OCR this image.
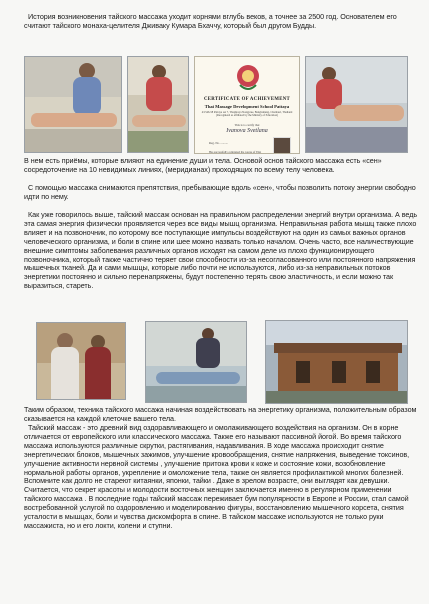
История возникновения тайского массажа уходит корнями вглубь веков, а точнее за 2500 год. Основателем его считают тайского монаха-целителя Дживаку Кумара Бхаччу, который был другом Будды.

CERTIFICATE OF ACHIEVEMENT
Thai Massage Development School Pattaya
4/1546-58 Pattaya soi 7, Thaphraya Nongprue, Banglamung, Chonburi, Thailand (Recognized as affiliated by the Ministry of Education)
This is to certify that
Ivanova Svetlana
Reg. No. ..........
Has successfully completed the course of Thai

В нем есть приёмы, которые влияют на единение души и тела. Основой основ тайского массажа есть «сен» сосредоточение на 10 невидимых линиях, (меридианах) проходящих по всему телу человека.

С помощью массажа снимаются препятствия, пребывающие вдоль «сен», чтобы позволить потоку энергии свободно идти по нему.

Как уже говорилось выше, тайский массаж основан на правильном распределении энергий внутри организма. А ведь эта самая энергия физически проявляется через все виды мышц организма. Неправильная работа мышц также плохо влияет и на позвоночник, по которому все поступающие импульсы воздействуют на один из самых важных органов человеческого организма, и боли в спине или шее можно назвать только началом. Очень часто, все наличествующие внешние симптомы заболевания различных органов исходят на самом деле из плохо функционирующего позвоночника, который также частично теряет свои способности из-за несогласованного или постоянного напряжения мышечных тканей. Да и сами мышцы, которые либо почти не используются, либо из-за неправильных потоков энергетики постоянно и сильно перенапряжены, будут постепенно терять свою эластичность, и если можно так выразиться, стареть.

Таким образом, техника тайского массажа начиная воздействовать на энергетику организма, положительным образом сказывается на каждой клеточке вашего тела.

Тайский массаж - это древний вид оздоравливающего и омолаживающего воздействия на организм. Он в корне отличается от европейского или классического массажа. Также его называют пассивной йогой. Во время тайского массажа используются различные скрутки, растягивания, надавливания. В ходе массажа происходит снятие энергетических блоков, мышечных зажимов, улучшение кровообращения, снятие напряжения, выведение токсинов, улучшение активности нервной системы , улучшение притока крови к коже и состояние кожи, возобновление нормальной работы органов, укрепление и омоложение тела, также он является профилактикой многих болезней. Вспомните как долго не стареют китаянки, японки, тайки . Даже в зрелом возрасте, они выглядят как девушки. Считается, что секрет красоты и молодости восточных женщин заключается именно в регулярном применении тайского массажа . В последние годы тайский массаж переживает бум популярности в Европе и России, стал самой востребованной услугой по оздоровлению и моделированию фигуры, восстановлению мышечного корсета, снятия усталости в мышцах, боли и чувства дискомфорта в спине. В тайском массаже используются не только руки массажиста, но и его локти, колени и ступни.
